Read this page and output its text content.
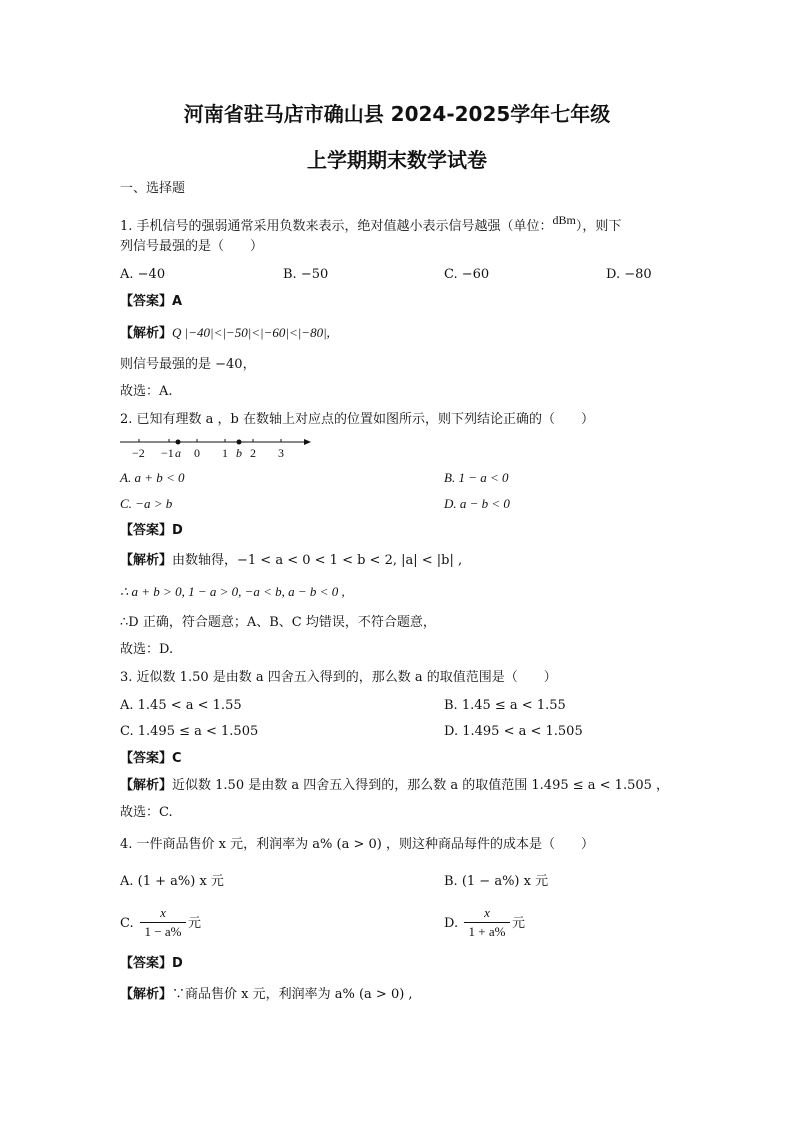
河南省驻马店市确山县 2024-2025学年七年级
上学期期末数学试卷
一、选择题
1. 手机信号的强弱通常采用负数来表示，绝对值越小表示信号越强（单位：dBm），则下
列信号最强的是（　　）
A. −40	B. −50	C. −60	D. −80
【答案】A
【解析】Q |−40|<|−50|<|−60|<|−80|,
则信号最强的是 −40，
故选：A.
2. 已知有理数 a ，b 在数轴上对应点的位置如图所示，则下列结论正确的（　　）
−2 −1 a 0 1 b 2 3
A. a + b < 0	B. 1 − a < 0
C. −a > b	D. a − b < 0
【答案】D
【解析】由数轴得，−1 < a < 0 < 1 < b < 2, |a| < |b| ,
∴ a + b > 0, 1 − a > 0, −a < b, a − b < 0 ,
∴D 正确，符合题意；A、B、C 均错误，不符合题意，
故选：D.
3. 近似数 1.50 是由数 a 四舍五入得到的，那么数 a 的取值范围是（　　）
A. 1.45 < a < 1.55	B. 1.45 ≤ a < 1.55
C. 1.495 ≤ a < 1.505	D. 1.495 < a < 1.505
【答案】C
【解析】近似数 1.50 是由数 a 四舍五入得到的，那么数 a 的取值范围 1.495 ≤ a < 1.505 ，
故选：C.
4. 一件商品售价 x 元，利润率为 a% (a > 0) ，则这种商品每件的成本是（　　）
A. (1 + a%) x 元	B. (1 − a%) x 元
C.
x
1 − a%
元	D.
x
1 + a%
元
【答案】D
【解析】∵商品售价 x 元，利润率为 a% (a > 0) ,
